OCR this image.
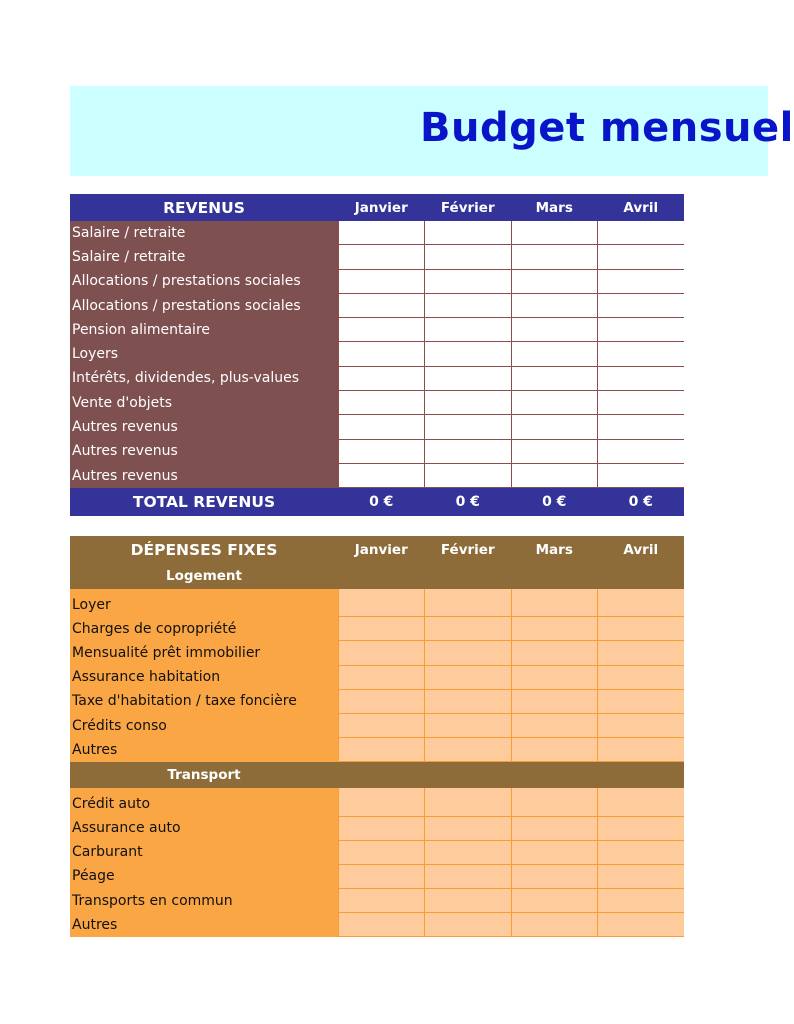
Budget mensuel
REVENUS	Janvier	Février	Mars	Avril
Salaire / retraite				
Salaire / retraite				
Allocations / prestations sociales				
Allocations / prestations sociales				
Pension alimentaire				
Loyers				
Intérêts, dividendes, plus-values				
Vente d'objets				
Autres revenus				
Autres revenus				
Autres revenus				
TOTAL REVENUS	0 €	0 €	0 €	0 €
DÉPENSES FIXES	Janvier	Février	Mars	Avril
Logement				

Loyer				
Charges de copropriété				
Mensualité prêt immobilier				
Assurance habitation				
Taxe d'habitation / taxe foncière				
Crédits conso				
Autres				
Transport				

Crédit auto				
Assurance auto				
Carburant				
Péage				
Transports en commun				
Autres				
